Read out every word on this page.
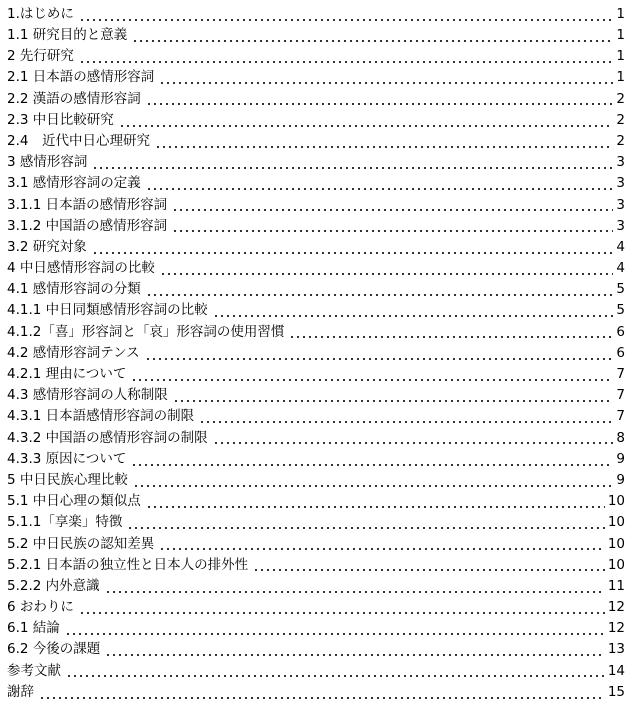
1.はじめに	1
1.1 研究目的と意義	1
2 先行研究	1
2.1 日本語の感情形容詞	1
2.2 漢語の感情形容詞	2
2.3 中日比較研究	2
2.4　近代中日心理研究	2
3 感情形容詞	3
3.1 感情形容詞の定義	3
3.1.1 日本語の感情形容詞	3
3.1.2 中国語の感情形容詞	3
3.2 研究対象	4
4 中日感情形容詞の比較	4
4.1 感情形容詞の分類	5
4.1.1 中日同類感情形容詞の比較	5
4.1.2「喜」形容詞と「哀」形容詞の使用習慣	6
4.2 感情形容詞テンス	6
4.2.1 理由について	7
4.3 感情形容詞の人称制限	7
4.3.1 日本語感情形容詞の制限	7
4.3.2 中国語の感情形容詞の制限	8
4.3.3 原因について	9
5 中日民族心理比較	9
5.1 中日心理の類似点	10
5.1.1「享楽」特徴	10
5.2 中日民族の認知差異	10
5.2.1 日本語の独立性と日本人の排外性	10
5.2.2 内外意識	11
6 おわりに	12
6.1 結論	12
6.2 今後の課題	13
参考文献	14
謝辞	15
